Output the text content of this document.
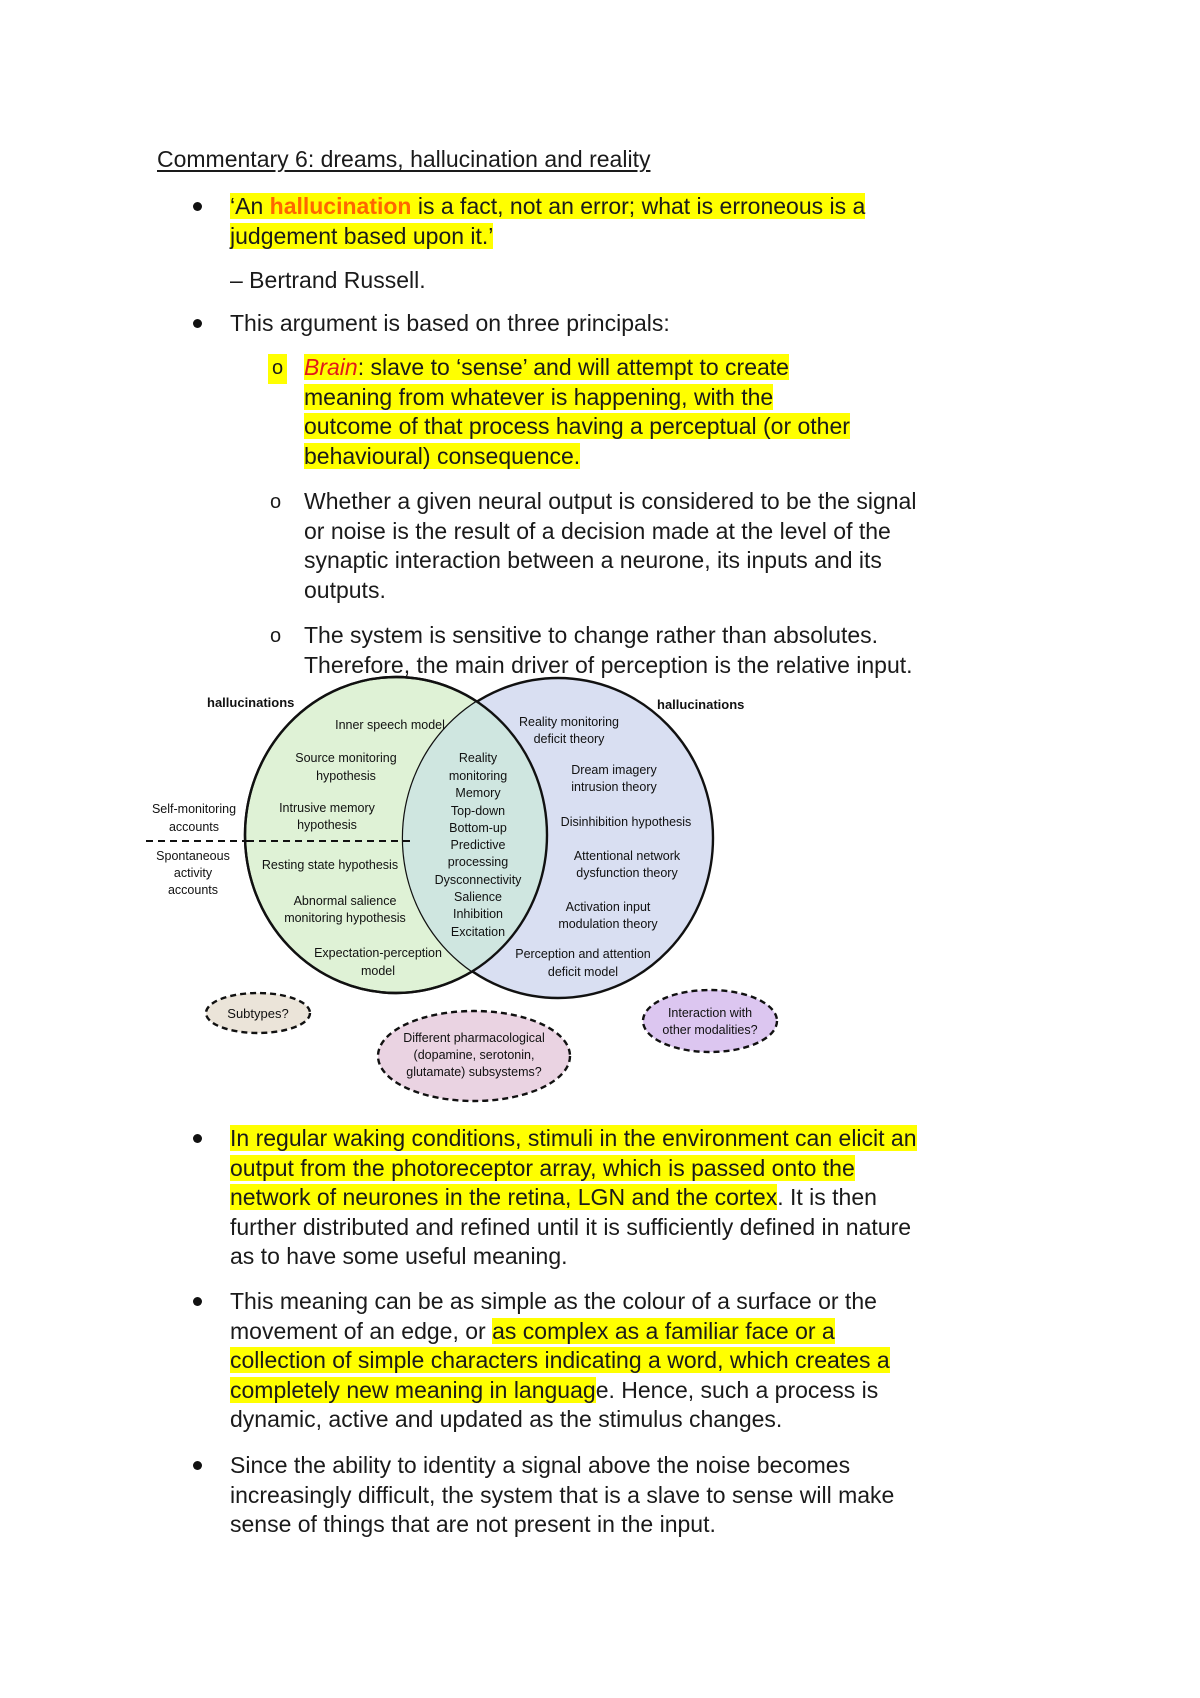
Commentary 6: dreams, hallucination and reality
‘An hallucination is a fact, not an error; what is erroneous is a
judgement based upon it.’
– Bertrand Russell.
This argument is based on three principals:
o Brain: slave to ‘sense’ and will attempt to create
meaning from whatever is happening, with the
outcome of that process having a perceptual (or other
behavioural) consequence.
o Whether a given neural output is considered to be the signal
or noise is the result of a decision made at the level of the
synaptic interaction between a neurone, its inputs and its
outputs.
o The system is sensitive to change rather than absolutes.
Therefore, the main driver of perception is the relative input.
hallucinations	hallucinations
Self-monitoring
accounts
Spontaneous
activity
accounts
Inner speech model
Source monitoring
hypothesis
Intrusive memory
hypothesis
Resting state hypothesis
Abnormal salience
monitoring hypothesis
Expectation-perception
model
Reality
monitoring
Memory
Top-down
Bottom-up
Predictive
processing
Dysconnectivity
Salience
Inhibition
Excitation
Reality monitoring
deficit theory
Dream imagery
intrusion theory
Disinhibition hypothesis
Attentional network
dysfunction theory
Activation input
modulation theory
Perception and attention
deficit model
Subtypes?
Different pharmacological
(dopamine, serotonin,
glutamate) subsystems?
Interaction with
other modalities?
In regular waking conditions, stimuli in the environment can elicit an
output from the photoreceptor array, which is passed onto the
network of neurones in the retina, LGN and the cortex. It is then
further distributed and refined until it is sufficiently defined in nature
as to have some useful meaning.
This meaning can be as simple as the colour of a surface or the
movement of an edge, or as complex as a familiar face or a
collection of simple characters indicating a word, which creates a
completely new meaning in language. Hence, such a process is
dynamic, active and updated as the stimulus changes.
Since the ability to identity a signal above the noise becomes
increasingly difficult, the system that is a slave to sense will make
sense of things that are not present in the input.
